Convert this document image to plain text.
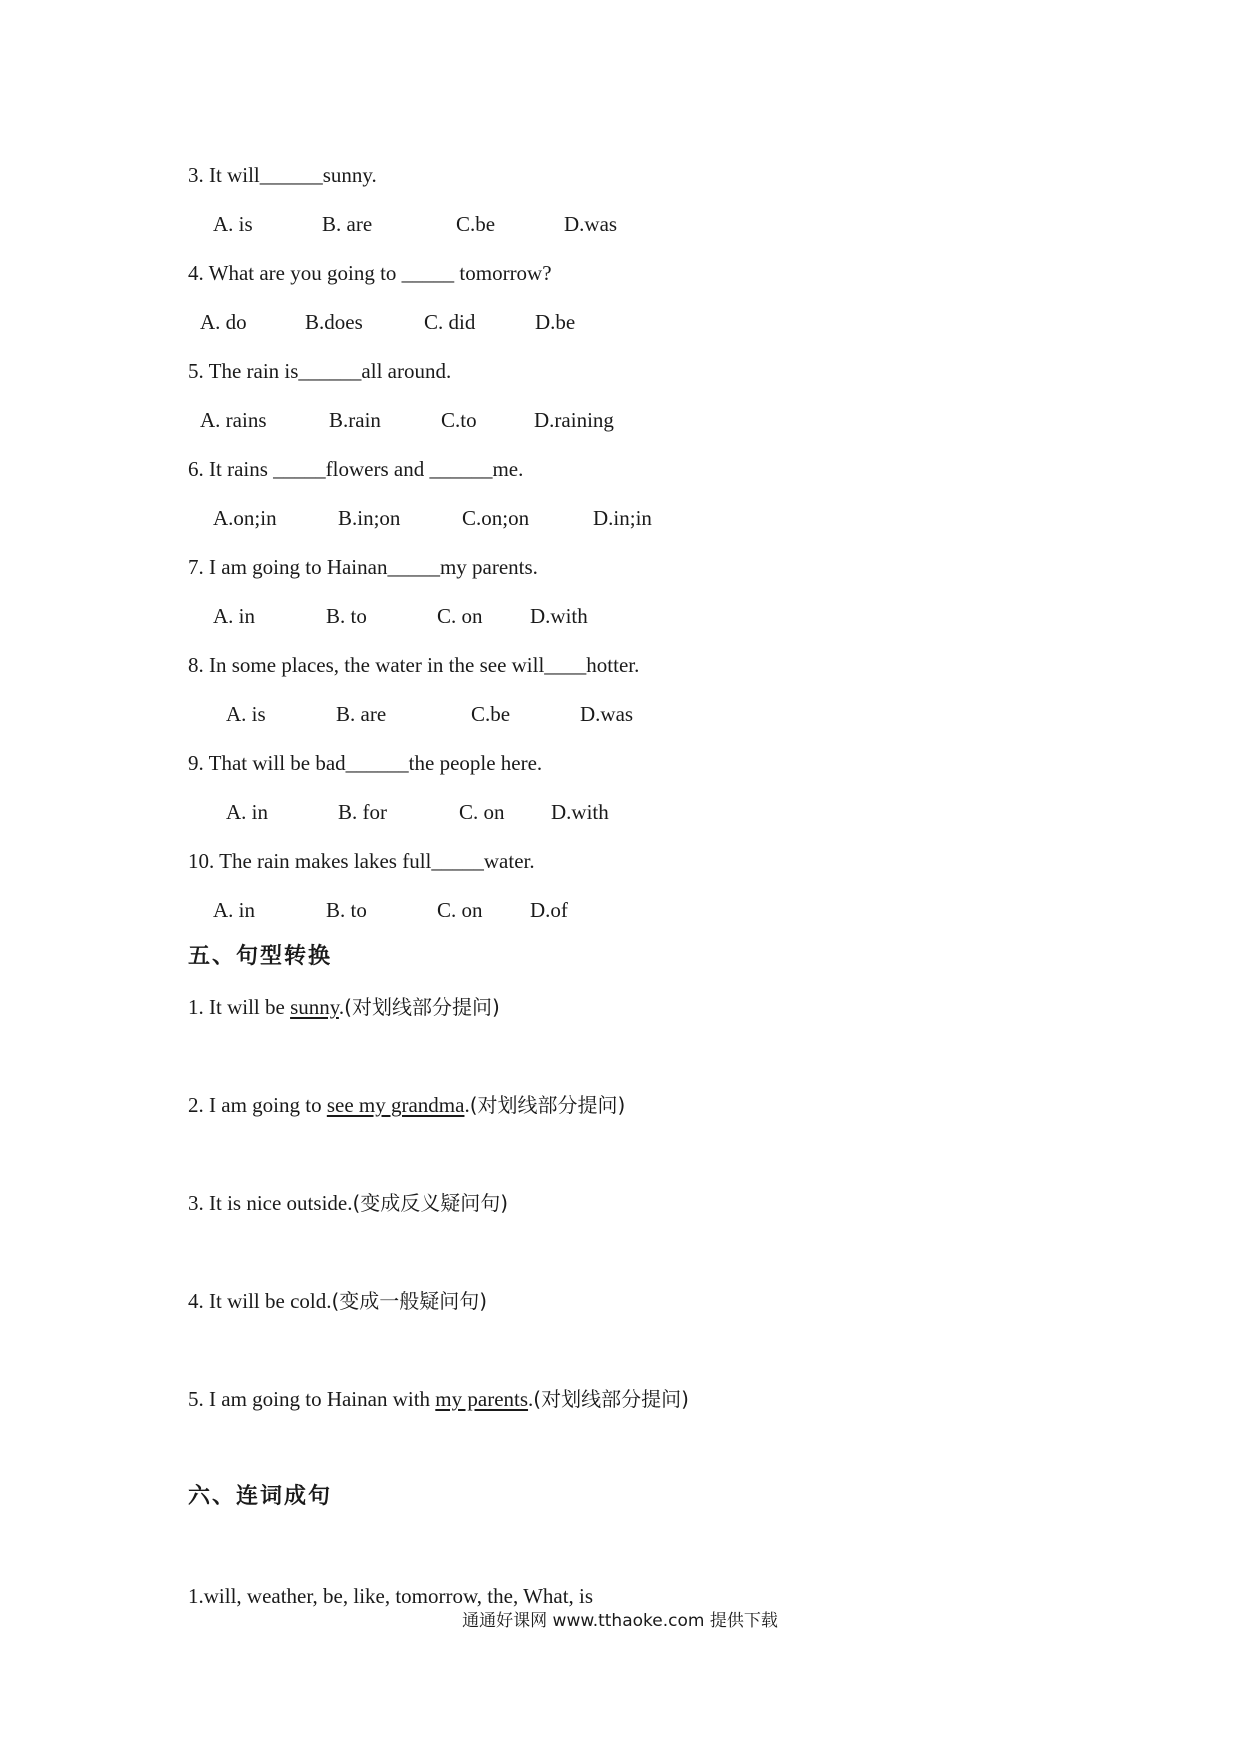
3. It will______sunny.
A. is	B. are	C.be	D.was
4. What are you going to _____ tomorrow?
A. do	B.does	C. did	D.be
5. The rain is______all around.
A. rains	B.rain	C.to	D.raining
6. It rains _____flowers and ______me.
A.on;in	B.in;on	C.on;on	D.in;in
7. I am going to Hainan_____my parents.
A. in	B. to	C. on D.with
8. In some places, the water in the see will____hotter.
A. is	B. are	C.be	D.was
9. That will be bad______the people here.
A. in	B. for	C. on D.with
10. The rain makes lakes full_____water.
A. in	B. to	C. on D.of
五、句型转换
1. It will be sunny.(对划线部分提问)
2. I am going to see my grandma.(对划线部分提问)
3. It is nice outside.(变成反义疑问句)
4. It will be cold.(变成一般疑问句)
5. I am going to Hainan with my parents.(对划线部分提问)
六、连词成句
1.will, weather, be, like, tomorrow, the, What, is
通通好课网 www.tthaoke.com 提供下载
